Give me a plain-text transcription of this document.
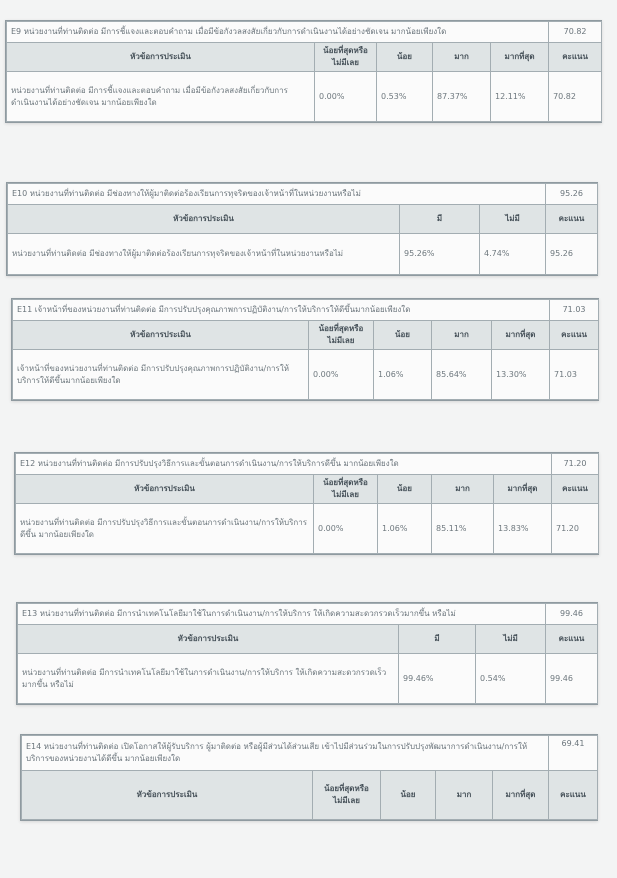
E9 หน่วยงานที่ท่านติดต่อ มีการชี้แจงและตอบคำถาม เมื่อมีข้อกังวลสงสัยเกี่ยวกับการดำเนินงานได้อย่างชัดเจน มากน้อยเพียงใด					70.82
หัวข้อการประเมิน	น้อยที่สุดหรือไม่มีเลย	น้อย	มาก	มากที่สุด	คะแนน
หน่วยงานที่ท่านติดต่อ มีการชี้แจงและตอบคำถาม เมื่อมีข้อกังวลสงสัยเกี่ยวกับการดำเนินงานได้อย่างชัดเจน มากน้อยเพียงใด	0.00%	0.53%	87.37%	12.11%	70.82
E10 หน่วยงานที่ท่านติดต่อ มีช่องทางให้ผู้มาติดต่อร้องเรียนการทุจริตของเจ้าหน้าที่ในหน่วยงานหรือไม่			95.26
หัวข้อการประเมิน	มี	ไม่มี	คะแนน
หน่วยงานที่ท่านติดต่อ มีช่องทางให้ผู้มาติดต่อร้องเรียนการทุจริตของเจ้าหน้าที่ในหน่วยงานหรือไม่	95.26%	4.74%	95.26
E11 เจ้าหน้าที่ของหน่วยงานที่ท่านติดต่อ มีการปรับปรุงคุณภาพการปฏิบัติงาน/การให้บริการให้ดีขึ้นมากน้อยเพียงใด					71.03
หัวข้อการประเมิน	น้อยที่สุดหรือไม่มีเลย	น้อย	มาก	มากที่สุด	คะแนน
เจ้าหน้าที่ของหน่วยงานที่ท่านติดต่อ มีการปรับปรุงคุณภาพการปฏิบัติงาน/การให้บริการให้ดีขึ้นมากน้อยเพียงใด	0.00%	1.06%	85.64%	13.30%	71.03
E12 หน่วยงานที่ท่านติดต่อ มีการปรับปรุงวิธีการและขั้นตอนการดำเนินงาน/การให้บริการดีขึ้น มากน้อยเพียงใด					71.20
หัวข้อการประเมิน	น้อยที่สุดหรือไม่มีเลย	น้อย	มาก	มากที่สุด	คะแนน
หน่วยงานที่ท่านติดต่อ มีการปรับปรุงวิธีการและขั้นตอนการดำเนินงาน/การให้บริการดีขึ้น มากน้อยเพียงใด	0.00%	1.06%	85.11%	13.83%	71.20
E13 หน่วยงานที่ท่านติดต่อ มีการนำเทคโนโลยีมาใช้ในการดำเนินงาน/การให้บริการ ให้เกิดความสะดวกรวดเร็วมากขึ้น หรือไม่			99.46
หัวข้อการประเมิน	มี	ไม่มี	คะแนน
หน่วยงานที่ท่านติดต่อ มีการนำเทคโนโลยีมาใช้ในการดำเนินงาน/การให้บริการ ให้เกิดความสะดวกรวดเร็วมากขึ้น หรือไม่	99.46%	0.54%	99.46
E14 หน่วยงานที่ท่านติดต่อ เปิดโอกาสให้ผู้รับบริการ ผู้มาติดต่อ หรือผู้มีส่วนได้ส่วนเสีย เข้าไปมีส่วนร่วมในการปรับปรุงพัฒนาการดำเนินงาน/การให้บริการของหน่วยงานได้ดีขึ้น มากน้อยเพียงใด					69.41
หัวข้อการประเมิน	น้อยที่สุดหรือไม่มีเลย	น้อย	มาก	มากที่สุด	คะแนน
